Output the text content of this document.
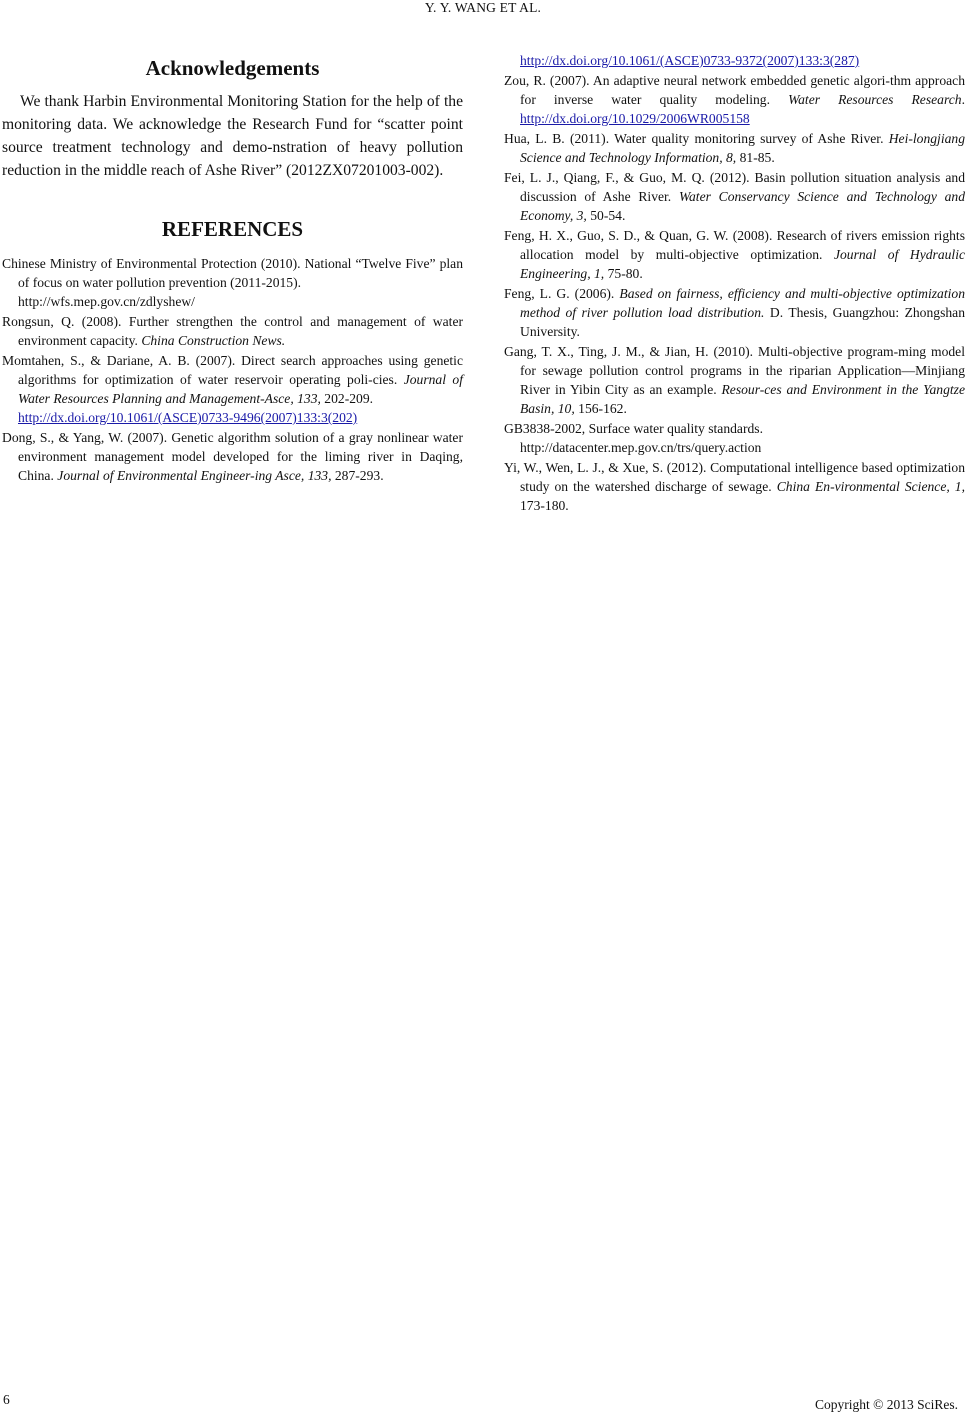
Y. Y. WANG ET AL.
Acknowledgements

We thank Harbin Environmental Monitoring Station for the help of the monitoring data. We acknowledge the Research Fund for “scatter point source treatment technology and demo-nstration of heavy pollution reduction in the middle reach of Ashe River” (2012ZX07201003-002).

REFERENCES

Chinese Ministry of Environmental Protection (2010). National “Twelve Five” plan of focus on water pollution prevention (2011-2015).
http://wfs.mep.gov.cn/zdlyshew/

Rongsun, Q. (2008). Further strengthen the control and management of water environment capacity. China Construction News.

Momtahen, S., & Dariane, A. B. (2007). Direct search approaches using genetic algorithms for optimization of water reservoir operating poli-cies. Journal of Water Resources Planning and Management-Asce, 133, 202-209.
http://dx.doi.org/10.1061/(ASCE)0733-9496(2007)133:3(202)

Dong, S., & Yang, W. (2007). Genetic algorithm solution of a gray nonlinear water environment management model developed for the liming river in Daqing, China. Journal of Environmental Engineer-ing Asce, 133, 287-293.

http://dx.doi.org/10.1061/(ASCE)0733-9372(2007)133:3(287)

Zou, R. (2007). An adaptive neural network embedded genetic algori-thm approach for inverse water quality modeling. Water Resources Research. http://dx.doi.org/10.1029/2006WR005158

Hua, L. B. (2011). Water quality monitoring survey of Ashe River. Hei-longjiang Science and Technology Information, 8, 81-85.

Fei, L. J., Qiang, F., & Guo, M. Q. (2012). Basin pollution situation analysis and discussion of Ashe River. Water Conservancy Science and Technology and Economy, 3, 50-54.

Feng, H. X., Guo, S. D., & Quan, G. W. (2008). Research of rivers emission rights allocation model by multi-objective optimization. Journal of Hydraulic Engineering, 1, 75-80.

Feng, L. G. (2006). Based on fairness, efficiency and multi-objective optimization method of river pollution load distribution. D. Thesis, Guangzhou: Zhongshan University.

Gang, T. X., Ting, J. M., & Jian, H. (2010). Multi-objective program-ming model for sewage pollution control programs in the riparian Application—Minjiang River in Yibin City as an example. Resour-ces and Environment in the Yangtze Basin, 10, 156-162.

GB3838-2002, Surface water quality standards.
http://datacenter.mep.gov.cn/trs/query.action

Yi, W., Wen, L. J., & Xue, S. (2012). Computational intelligence based optimization study on the watershed discharge of sewage. China En-vironmental Science, 1, 173-180.

6	Copyright © 2013 SciRes.
